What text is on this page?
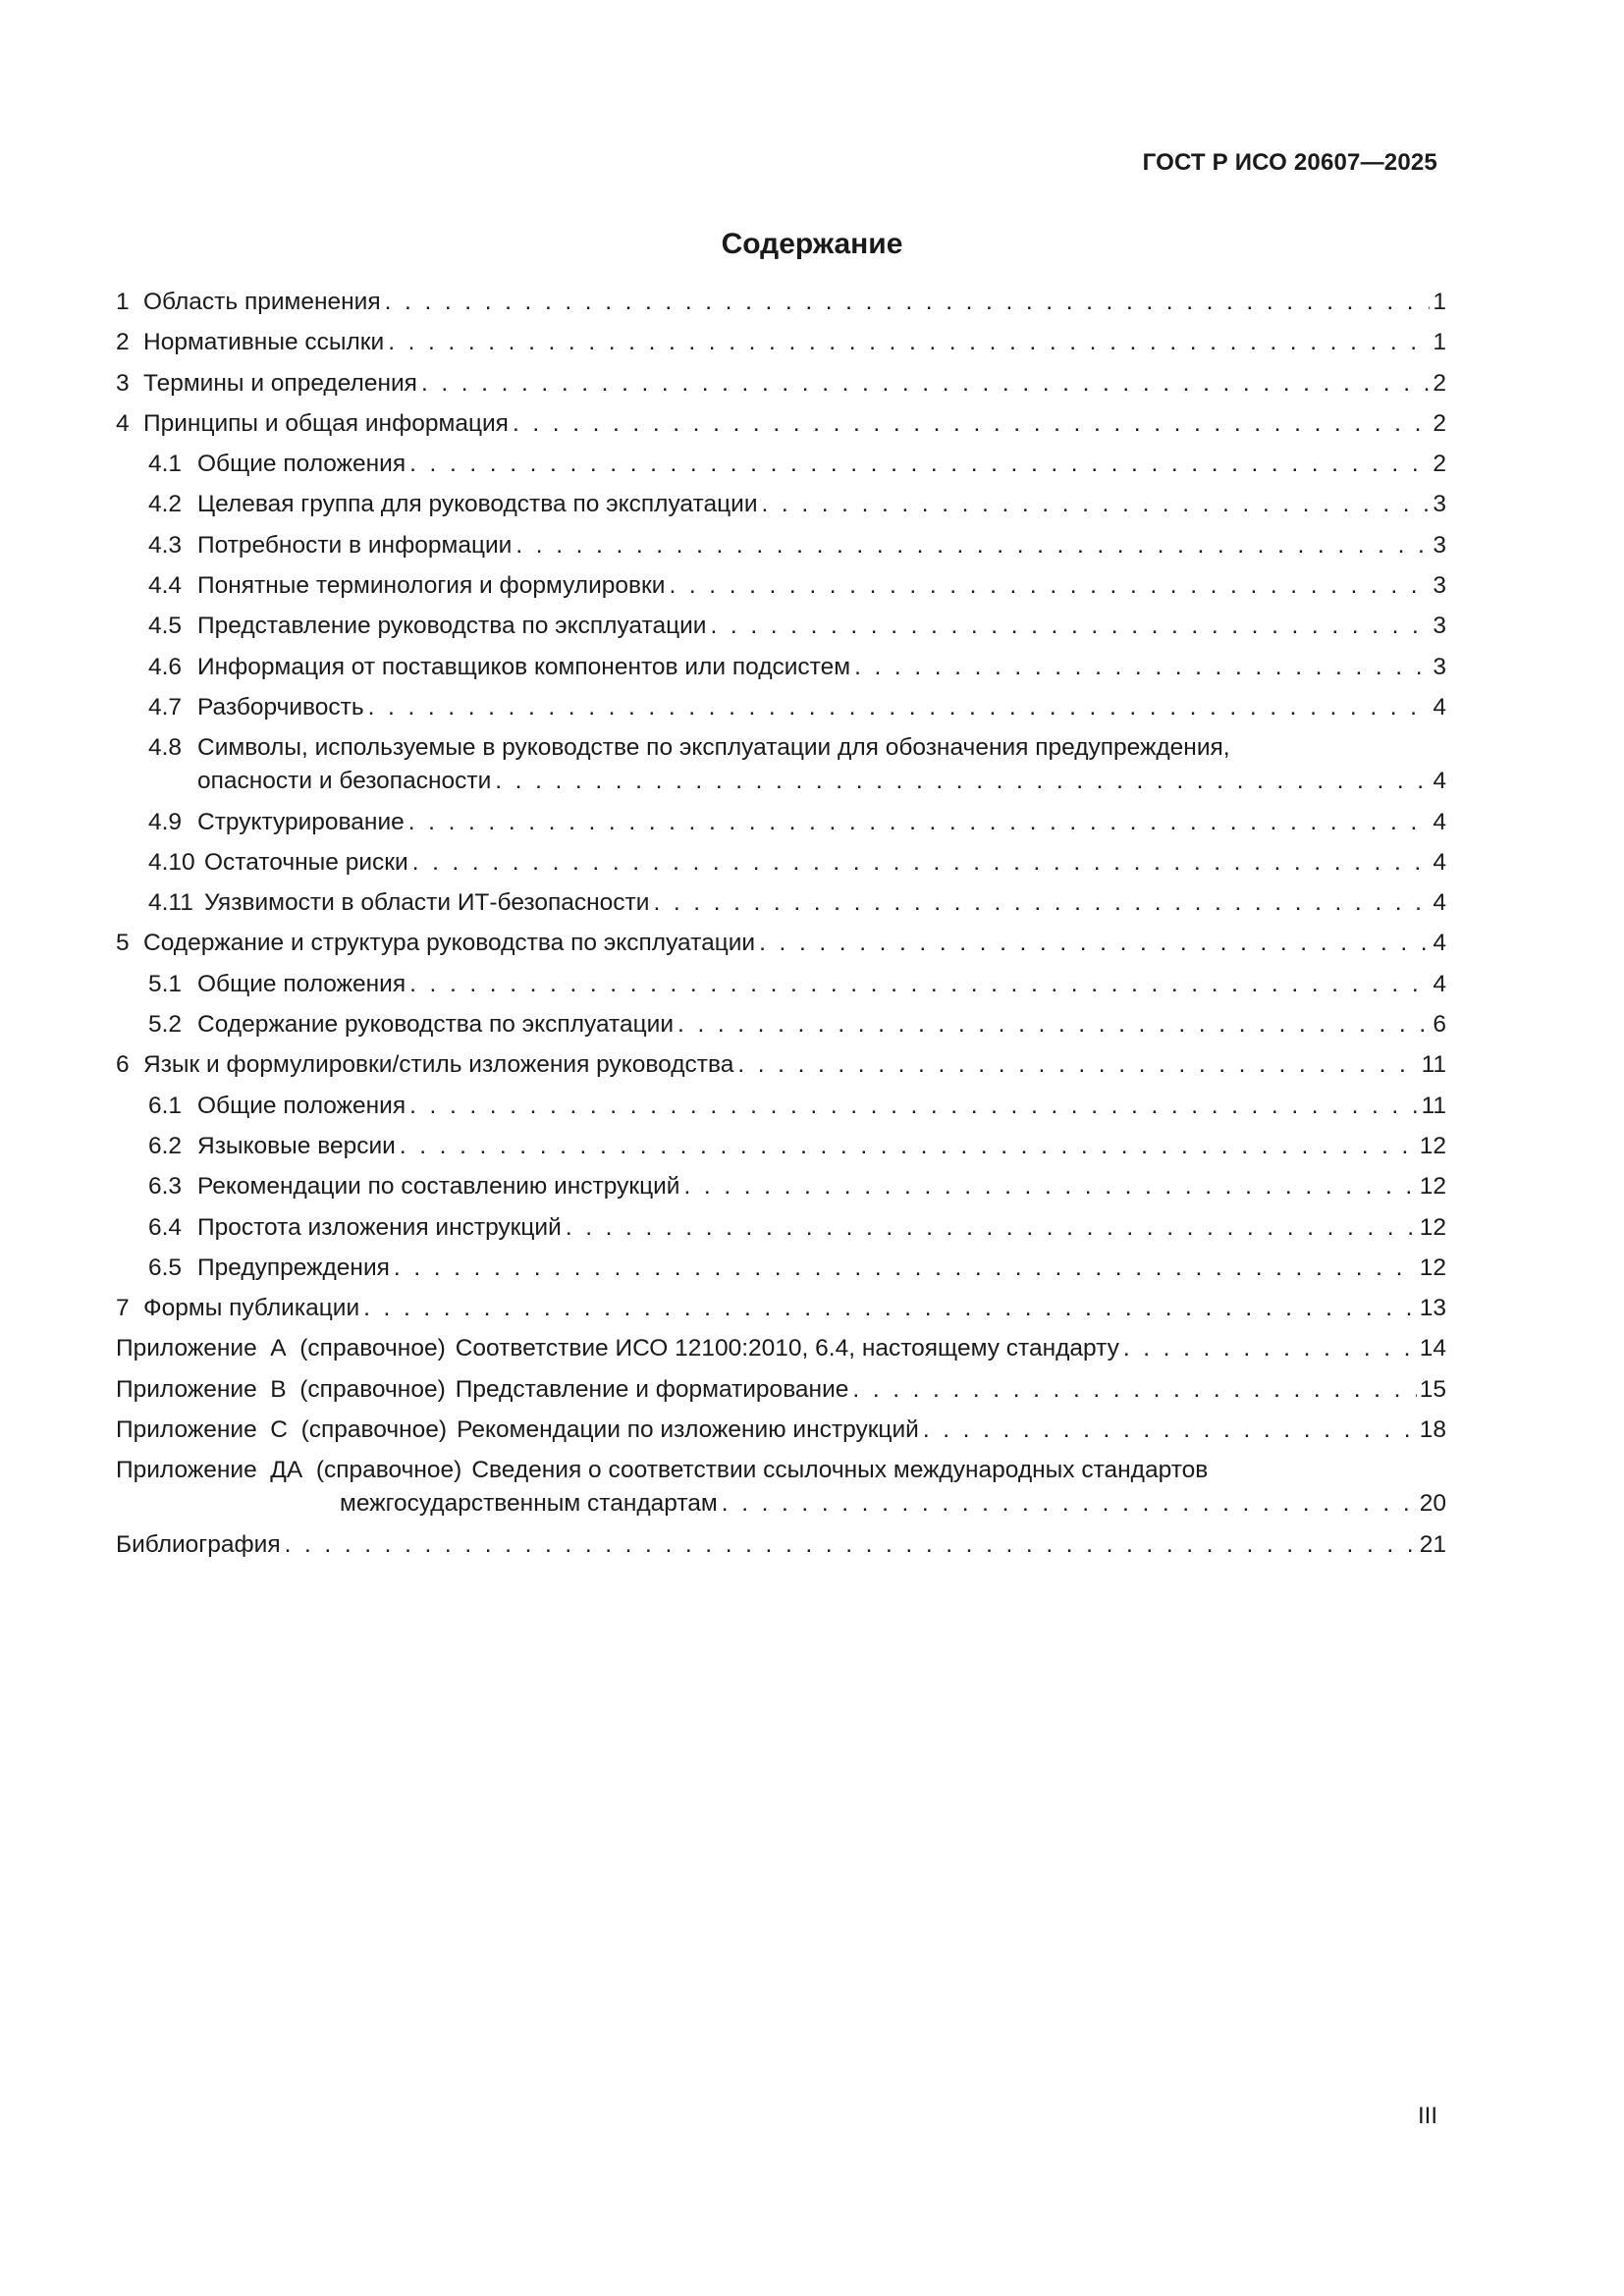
ГОСТ Р ИСО 20607—2025
Содержание
1 Область применения . . .	1
2 Нормативные ссылки . . .	1
3 Термины и определения . . .	2
4 Принципы и общая информация . . .	2
4.1 Общие положения . . .	2
4.2 Целевая группа для руководства по эксплуатации . . .	3
4.3 Потребности в информации . . .	3
4.4 Понятные терминология и формулировки . . .	3
4.5 Представление руководства по эксплуатации . . .	3
4.6 Информация от поставщиков компонентов или подсистем . . .	3
4.7 Разборчивость . . .	4
4.8 Символы, используемые в руководстве по эксплуатации для обозначения предупреждения,
опасности и безопасности . . .	4
4.9 Структурирование . . .	4
4.10 Остаточные риски . . .	4
4.11 Уязвимости в области ИТ-безопасности . . .	4
5 Содержание и структура руководства по эксплуатации . . .	4
5.1 Общие положения . . .	4
5.2 Содержание руководства по эксплуатации . . .	6
6 Язык и формулировки/стиль изложения руководства . . .	11
6.1 Общие положения . . .	11
6.2 Языковые версии . . .	12
6.3 Рекомендации по составлению инструкций . . .	12
6.4 Простота изложения инструкций . . .	12
6.5 Предупреждения . . .	12
7 Формы публикации . . .	13
Приложение  А  (справочное) Соответствие ИСО 12100:2010, 6.4, настоящему стандарту . . .	14
Приложение  В  (справочное) Представление и форматирование . . .	15
Приложение  С  (справочное) Рекомендации по изложению инструкций . . .	18
Приложение  ДА  (справочное) Сведения о соответствии ссылочных международных стандартов
межгосударственным стандартам . . .	20
Библиография . . .	21
III
